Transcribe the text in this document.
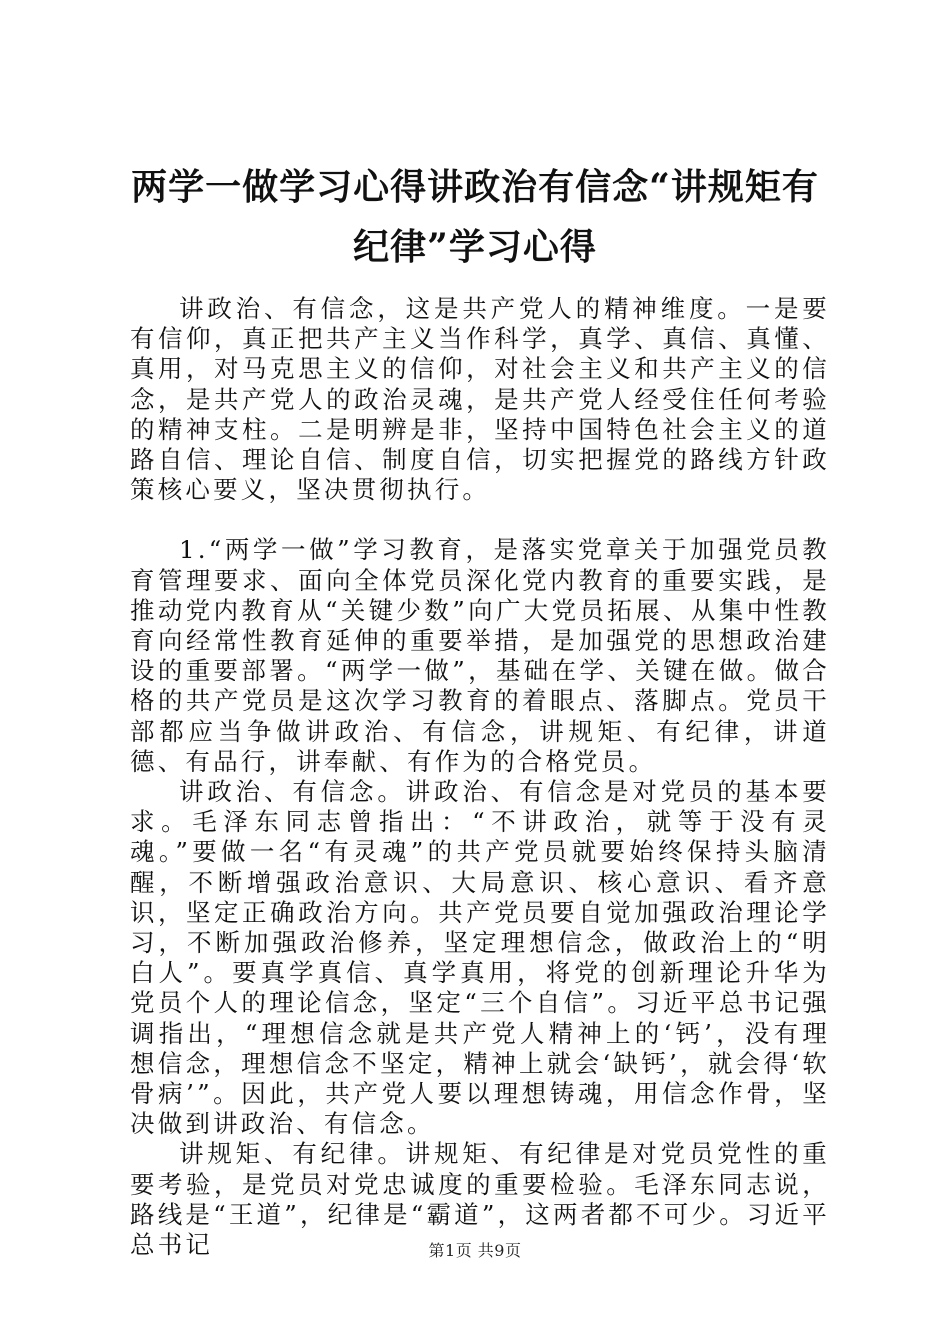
两学一做学习心得讲政治有信念“讲规矩有纪律”学习心得

讲政治、有信念，这是共产党人的精神维度。一是要有信仰，真正把共产主义当作科学，真学、真信、真懂、真用，对马克思主义的信仰，对社会主义和共产主义的信念，是共产党人的政治灵魂，是共产党人经受住任何考验的精神支柱。二是明辨是非，坚持中国特色社会主义的道路自信、理论自信、制度自信，切实把握党的路线方针政策核心要义，坚决贯彻执行。

1.“两学一做”学习教育，是落实党章关于加强党员教育管理要求、面向全体党员深化党内教育的重要实践，是推动党内教育从“关键少数”向广大党员拓展、从集中性教育向经常性教育延伸的重要举措，是加强党的思想政治建设的重要部署。“两学一做”，基础在学、关键在做。做合格的共产党员是这次学习教育的着眼点、落脚点。党员干部都应当争做讲政治、有信念，讲规矩、有纪律，讲道德、有品行，讲奉献、有作为的合格党员。

讲政治、有信念。讲政治、有信念是对党员的基本要求。毛泽东同志曾指出：“不讲政治，就等于没有灵魂。”要做一名“有灵魂”的共产党员就要始终保持头脑清醒，不断增强政治意识、大局意识、核心意识、看齐意识，坚定正确政治方向。共产党员要自觉加强政治理论学习，不断加强政治修养，坚定理想信念，做政治上的“明白人”。要真学真信、真学真用，将党的创新理论升华为党员个人的理论信念，坚定“三个自信”。习近平总书记强调指出，“理想信念就是共产党人精神上的‘钙’，没有理想信念，理想信念不坚定，精神上就会‘缺钙’，就会得‘软骨病’”。因此，共产党人要以理想铸魂，用信念作骨，坚决做到讲政治、有信念。

讲规矩、有纪律。讲规矩、有纪律是对党员党性的重要考验，是党员对党忠诚度的重要检验。毛泽东同志说，路线是“王道”，纪律是“霸道”，这两者都不可少。习近平总书记	第1页 共9页
